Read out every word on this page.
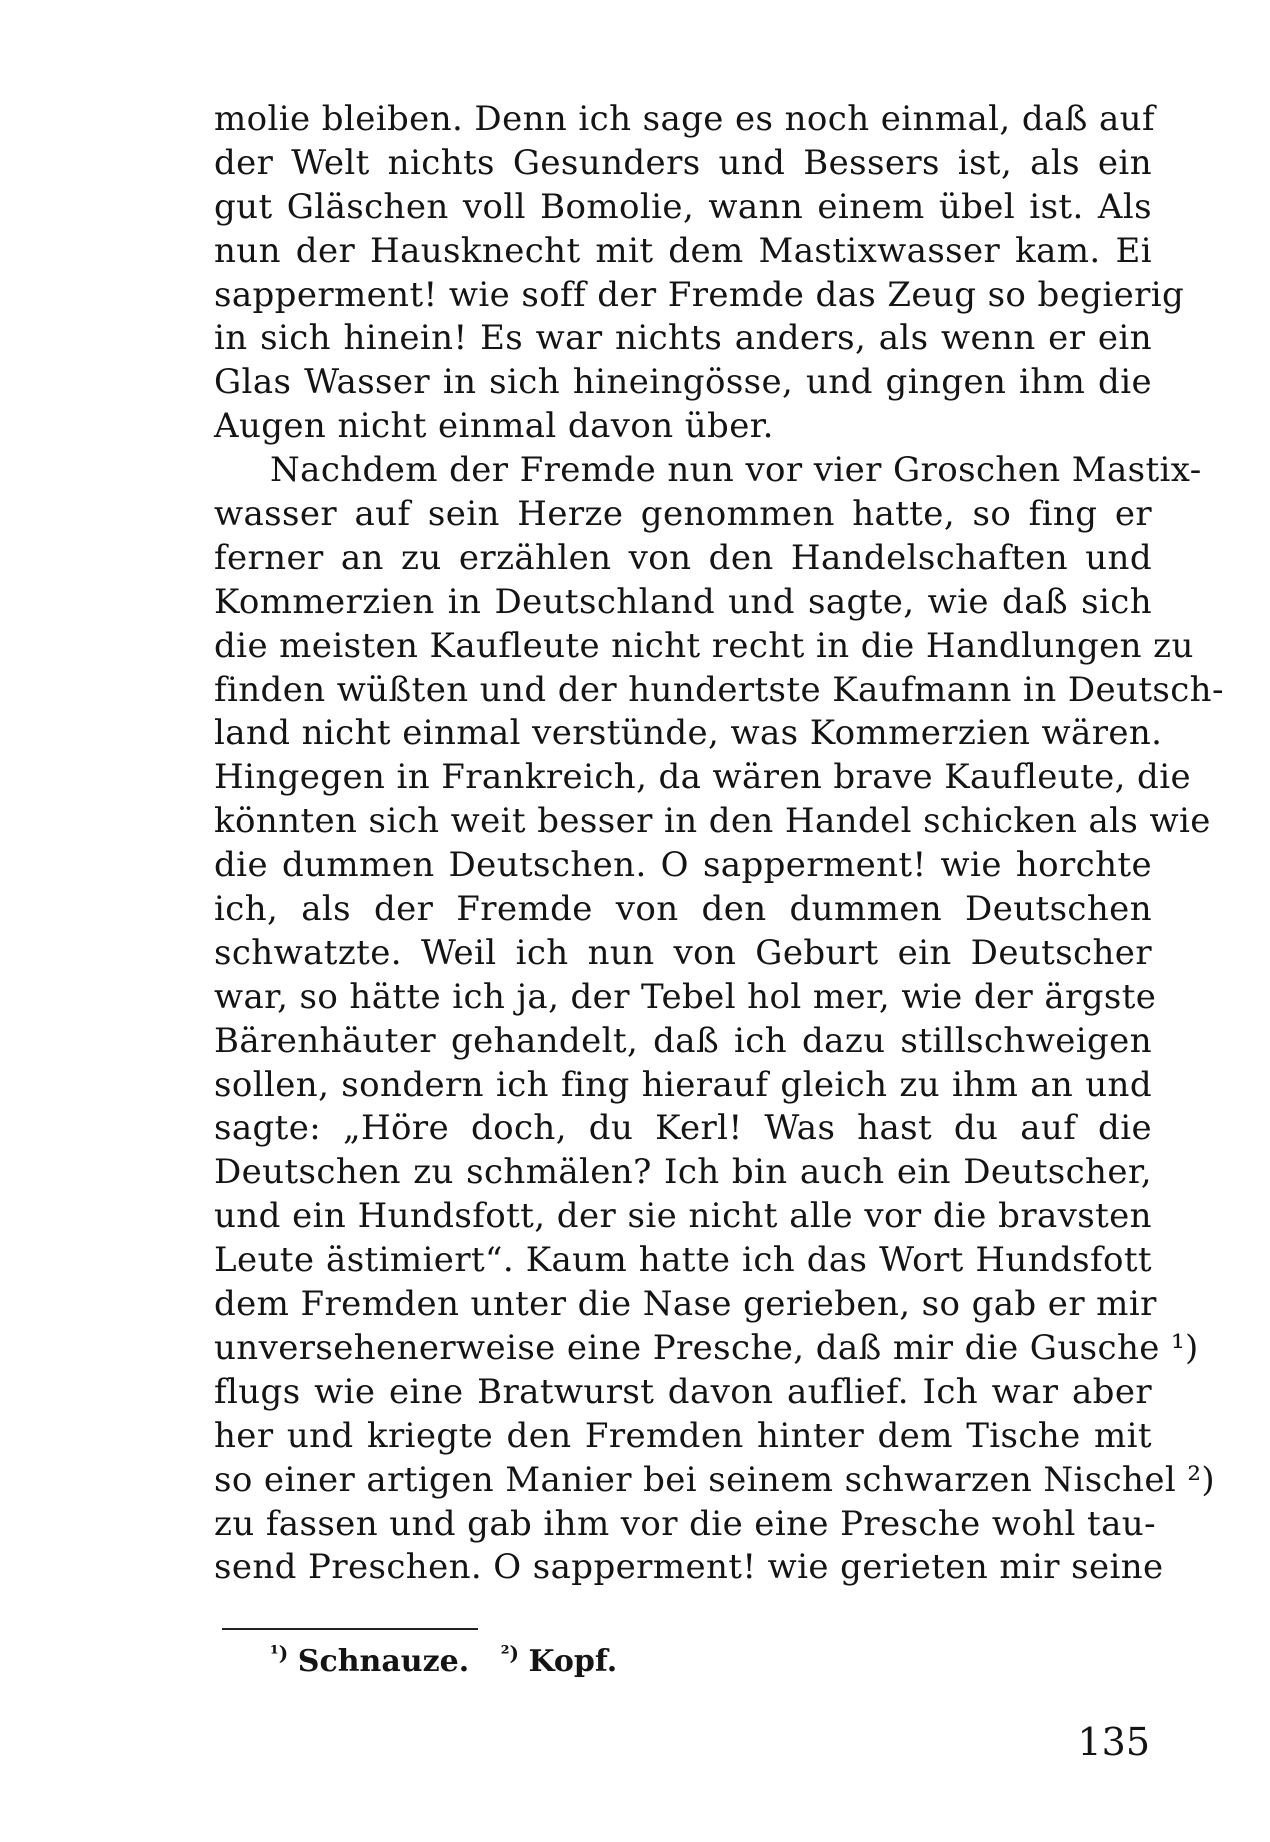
molie bleiben. Denn ich sage es noch einmal, daß auf
der Welt nichts Gesunders und Bessers ist, als ein
gut Gläschen voll Bomolie, wann einem übel ist. Als
nun der Hausknecht mit dem Mastixwasser kam. Ei
sapperment! wie soff der Fremde das Zeug so begierig
in sich hinein! Es war nichts anders, als wenn er ein
Glas Wasser in sich hineingösse, und gingen ihm die
Augen nicht einmal davon über.
Nachdem der Fremde nun vor vier Groschen Mastix-
wasser auf sein Herze genommen hatte, so fing er
ferner an zu erzählen von den Handelschaften und
Kommerzien in Deutschland und sagte, wie daß sich
die meisten Kaufleute nicht recht in die Handlungen zu
finden wüßten und der hundertste Kaufmann in Deutsch-
land nicht einmal verstünde, was Kommerzien wären.
Hingegen in Frankreich, da wären brave Kaufleute, die
könnten sich weit besser in den Handel schicken als wie
die dummen Deutschen. O sapperment! wie horchte
ich, als der Fremde von den dummen Deutschen
schwatzte. Weil ich nun von Geburt ein Deutscher
war, so hätte ich ja, der Tebel hol mer, wie der ärgste
Bärenhäuter gehandelt, daß ich dazu stillschweigen
sollen, sondern ich fing hierauf gleich zu ihm an und
sagte: „Höre doch, du Kerl! Was hast du auf die
Deutschen zu schmälen? Ich bin auch ein Deutscher,
und ein Hundsfott, der sie nicht alle vor die bravsten
Leute ästimiert“. Kaum hatte ich das Wort Hundsfott
dem Fremden unter die Nase gerieben, so gab er mir
unversehenerweise eine Presche, daß mir die Gusche ¹)
flugs wie eine Bratwurst davon auflief. Ich war aber
her und kriegte den Fremden hinter dem Tische mit
so einer artigen Manier bei seinem schwarzen Nischel ²)
zu fassen und gab ihm vor die eine Presche wohl tau-
send Preschen. O sapperment! wie gerieten mir seine
$^{^1)}$ Schnauze. $^{^2)}$ Kopf.
135
